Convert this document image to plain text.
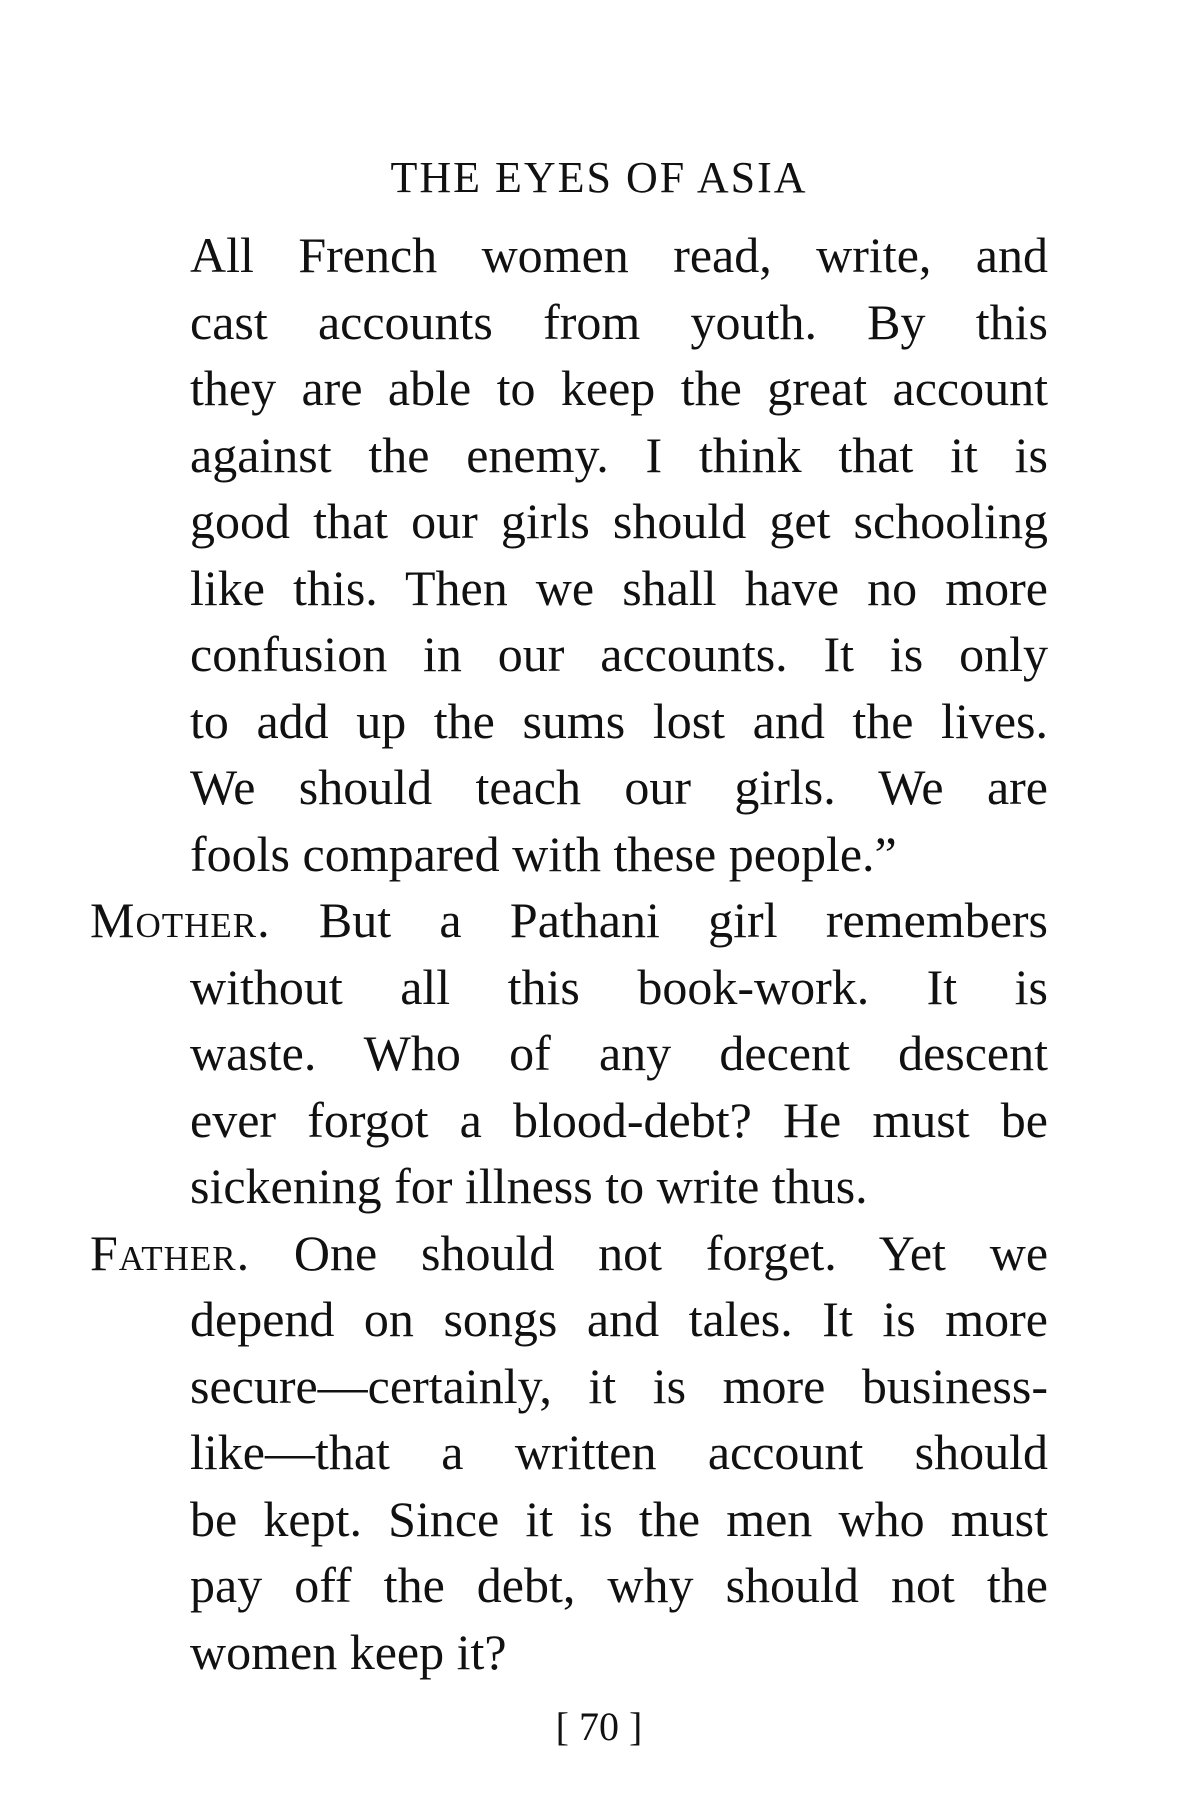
THE EYES OF ASIA
All French women read, write, and
cast accounts from youth. By this
they are able to keep the great account
against the enemy. I think that it is
good that our girls should get schooling
like this. Then we shall have no more
confusion in our accounts. It is only
to add up the sums lost and the lives.
We should teach our girls. We are
fools compared with these people.”
Mother. But a Pathani girl remembers
without all this book-work. It is
waste. Who of any decent descent
ever forgot a blood-debt? He must be
sickening for illness to write thus.
Father. One should not forget. Yet we
depend on songs and tales. It is more
secure—certainly, it is more business-
like—that a written account should
be kept. Since it is the men who must
pay off the debt, why should not the
women keep it?
[ 70 ]
